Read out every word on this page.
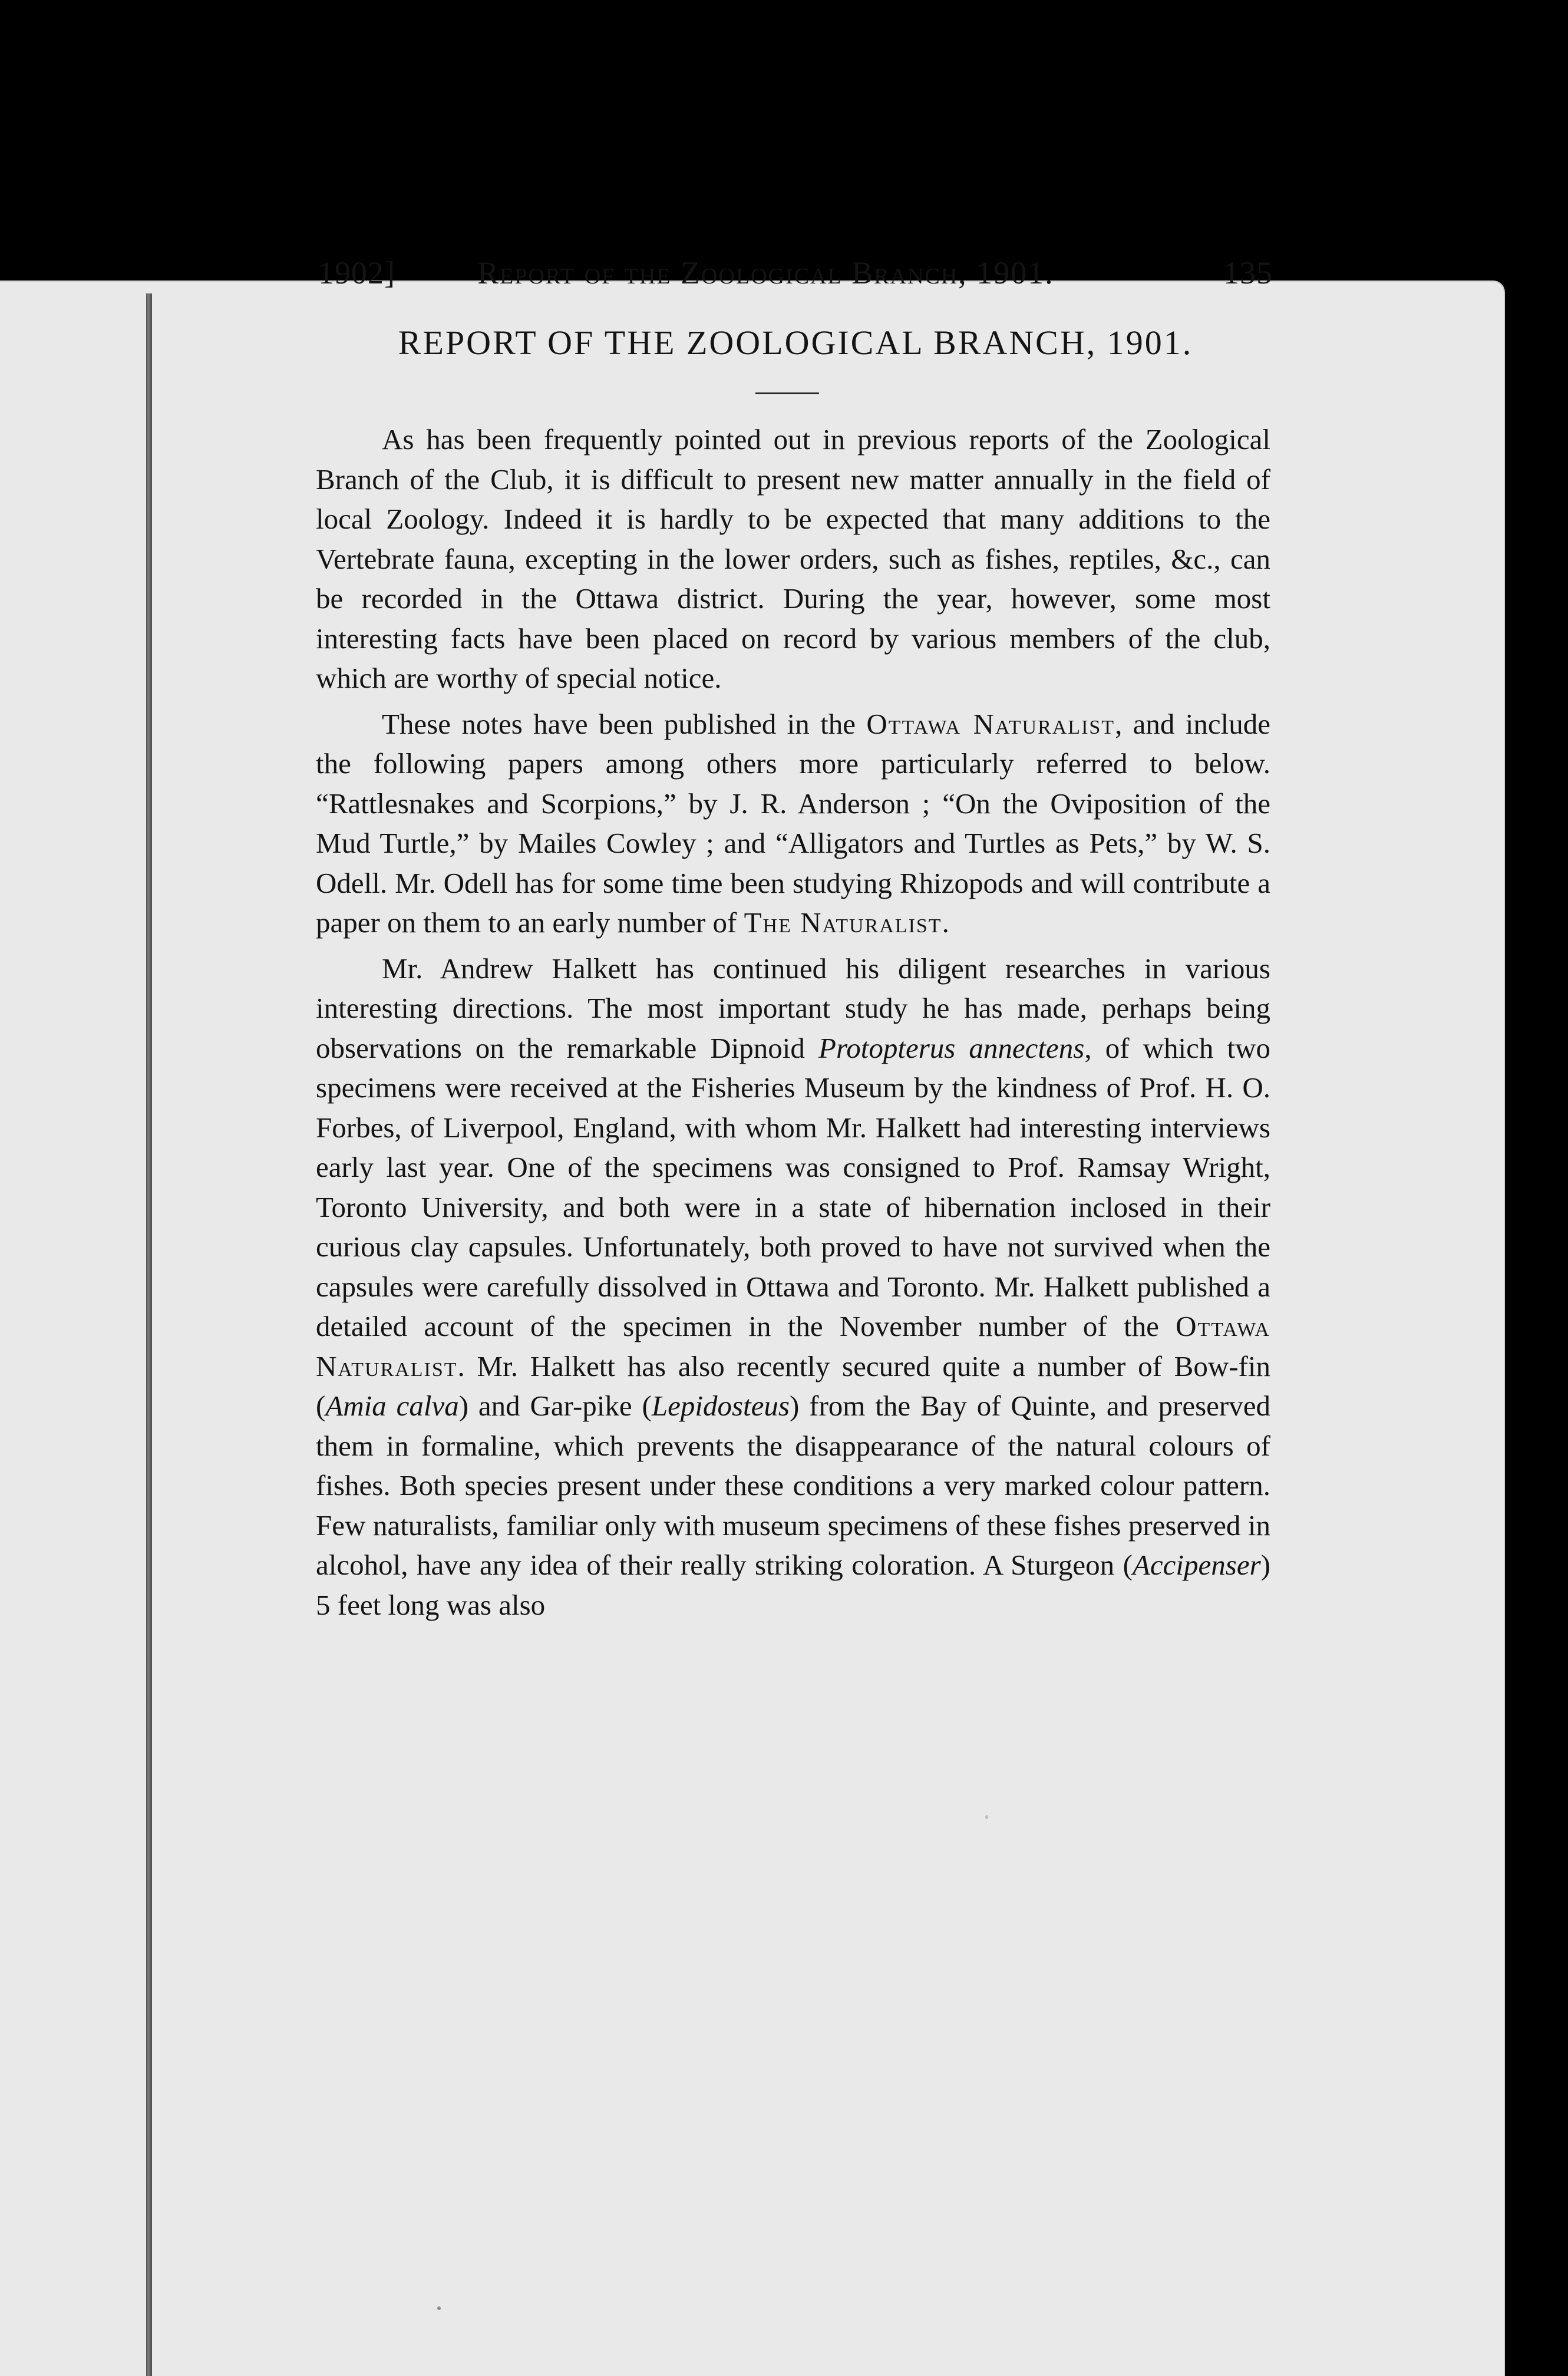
1902]	Report of the Zoological Branch, 1901.	135
REPORT OF THE ZOOLOGICAL BRANCH, 1901.

As has been frequently pointed out in previous reports of the Zoological Branch of the Club, it is difficult to present new matter annually in the field of local Zoology. Indeed it is hardly to be expected that many additions to the Vertebrate fauna, excepting in the lower orders, such as fishes, reptiles, &c., can be recorded in the Ottawa district. During the year, however, some most interesting facts have been placed on record by various members of the club, which are worthy of special notice.

These notes have been published in the Ottawa Naturalist, and include the following papers among others more particularly referred to below. “Rattlesnakes and Scorpions,” by J. R. Anderson ; “On the Oviposition of the Mud Turtle,” by Mailes Cowley ; and “Alligators and Turtles as Pets,” by W. S. Odell. Mr. Odell has for some time been studying Rhizopods and will contribute a paper on them to an early number of The Naturalist.

Mr. Andrew Halkett has continued his diligent researches in various interesting directions. The most important study he has made, perhaps being observations on the remarkable Dipnoid Protopterus annectens, of which two specimens were received at the Fisheries Museum by the kindness of Prof. H. O. Forbes, of Liverpool, England, with whom Mr. Halkett had interesting interviews early last year. One of the specimens was consigned to Prof. Ramsay Wright, Toronto University, and both were in a state of hibernation inclosed in their curious clay capsules. Unfortunately, both proved to have not survived when the capsules were carefully dissolved in Ottawa and Toronto. Mr. Halkett published a detailed account of the specimen in the November number of the Ottawa Naturalist. Mr. Halkett has also recently secured quite a number of Bow-fin (Amia calva) and Gar-pike (Lepidosteus) from the Bay of Quinte, and preserved them in formaline, which prevents the disappearance of the natural colours of fishes. Both species present under these conditions a very marked colour pattern. Few naturalists, familiar only with museum specimens of these fishes preserved in alcohol, have any idea of their really striking coloration. A Sturgeon (Accipenser) 5 feet long was also
